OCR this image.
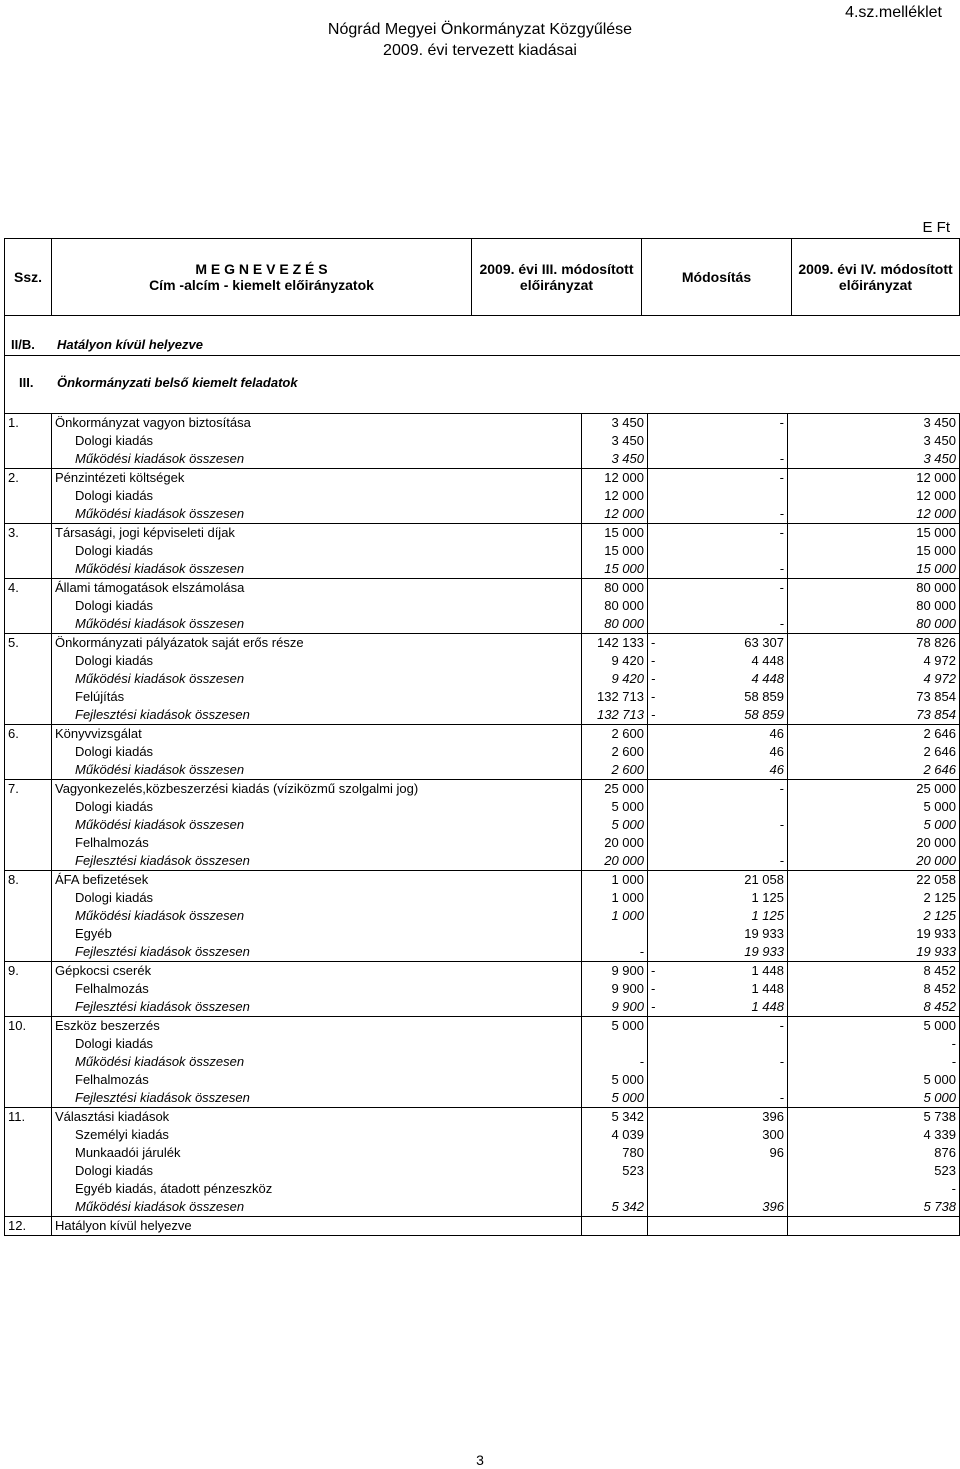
4.sz.melléklet
Nógrád Megyei Önkormányzat Közgyűlése
2009. évi tervezett kiadásai
E Ft
Ssz.	M E G N E V E Z É S
Cím -alcím - kiemelt előirányzatok
	2009. évi III. módosított előirányzat	Módosítás	2009. évi IV. módosított előirányzat
II/B. Hatályon kívül helyezve
III. Önkormányzati belső kiemelt feladatok
1.	Önkormányzat vagyon biztosítása	3 450	-	3 450
	Dologi kiadás	3 450		3 450
	Működési kiadások összesen	3 450	-	3 450
2.	Pénzintézeti költségek	12 000	-	12 000
	Dologi kiadás	12 000		12 000
	Működési kiadások összesen	12 000	-	12 000
3.	Társasági, jogi képviseleti díjak	15 000	-	15 000
	Dologi kiadás	15 000		15 000
	Működési kiadások összesen	15 000	-	15 000
4.	Állami támogatások elszámolása	80 000	-	80 000
	Dologi kiadás	80 000		80 000
	Működési kiadások összesen	80 000	-	80 000
5.	Önkormányzati pályázatok saját erős része	142 133	- 63 307	78 826
	Dologi kiadás	9 420	- 4 448	4 972
	Működési kiadások összesen	9 420	- 4 448	4 972
	Felújítás	132 713	- 58 859	73 854
	Fejlesztési kiadások összesen	132 713	- 58 859	73 854
6.	Könyvvizsgálat	2 600	46	2 646
	Dologi kiadás	2 600	46	2 646
	Működési kiadások összesen	2 600	46	2 646
7.	Vagyonkezelés,közbeszerzési kiadás (víziközmű szolgalmi jog)	25 000	-	25 000
	Dologi kiadás	5 000		5 000
	Működési kiadások összesen	5 000	-	5 000
	Felhalmozás	20 000		20 000
	Fejlesztési kiadások összesen	20 000	-	20 000
8.	ÁFA befizetések	1 000	21 058	22 058
	Dologi kiadás	1 000	1 125	2 125
	Működési kiadások összesen	1 000	1 125	2 125
	Egyéb		19 933	19 933
	Fejlesztési kiadások összesen	-	19 933	19 933
9.	Gépkocsi cserék	9 900	- 1 448	8 452
	Felhalmozás	9 900	- 1 448	8 452
	Fejlesztési kiadások összesen	9 900	- 1 448	8 452
10.	Eszköz beszerzés	5 000	-	5 000
	Dologi kiadás			-
	Működési kiadások összesen	-	-	-
	Felhalmozás	5 000		5 000
	Fejlesztési kiadások összesen	5 000	-	5 000
11.	Választási kiadások	5 342	396	5 738
	Személyi kiadás	4 039	300	4 339
	Munkaadói járulék	780	96	876
	Dologi kiadás	523		523
	Egyéb kiadás, átadott pénzeszköz			-
	Működési kiadások összesen	5 342	396	5 738
12.	Hatályon kívül helyezve		

3
